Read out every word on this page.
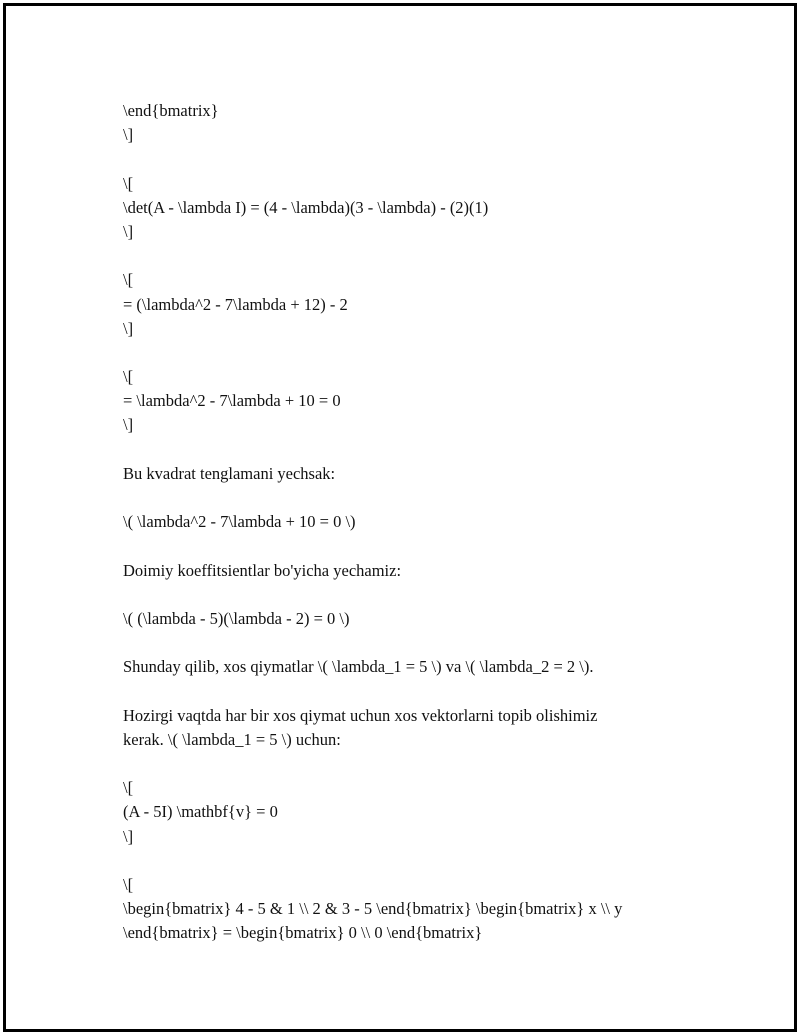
\end{bmatrix}
\]
\[
\det(A - \lambda I) = (4 - \lambda)(3 - \lambda) - (2)(1)
\]
\[
= (\lambda^2 - 7\lambda + 12) - 2
\]
\[
= \lambda^2 - 7\lambda + 10 = 0
\]
Bu kvadrat tenglamani yechsak:
\( \lambda^2 - 7\lambda + 10 = 0 \)
Doimiy koeffitsientlar bo'yicha yechamiz:
\( (\lambda - 5)(\lambda - 2) = 0 \)
Shunday qilib, xos qiymatlar \( \lambda_1 = 5 \) va \( \lambda_2 = 2 \).
Hozirgi vaqtda har bir xos qiymat uchun xos vektorlarni topib olishimiz
kerak. \( \lambda_1 = 5 \) uchun:
\[
(A - 5I) \mathbf{v} = 0
\]
\[
\begin{bmatrix} 4 - 5 & 1 \\ 2 & 3 - 5 \end{bmatrix} \begin{bmatrix} x \\ y
\end{bmatrix} = \begin{bmatrix} 0 \\ 0 \end{bmatrix}
